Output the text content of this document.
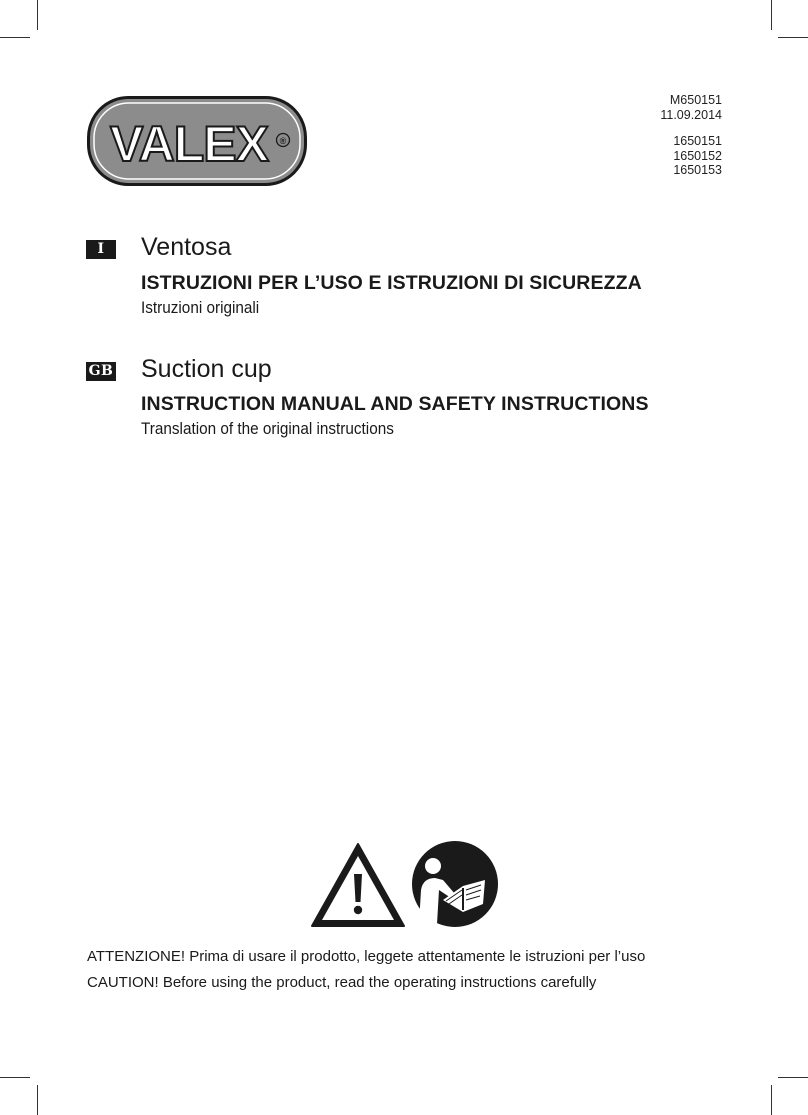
VALEX ®
M650151
11.09.2014
1650151
1650152
1650153
I	Ventosa
ISTRUZIONI PER L’USO E ISTRUZIONI DI SICUREZZA
Istruzioni originali
GB Suction cup
INSTRUCTION MANUAL AND SAFETY INSTRUCTIONS
Translation of the original instructions
ATTENZIONE! Prima di usare il prodotto, leggete attentamente le istruzioni per l’uso
CAUTION! Before using the product, read the operating instructions carefully
